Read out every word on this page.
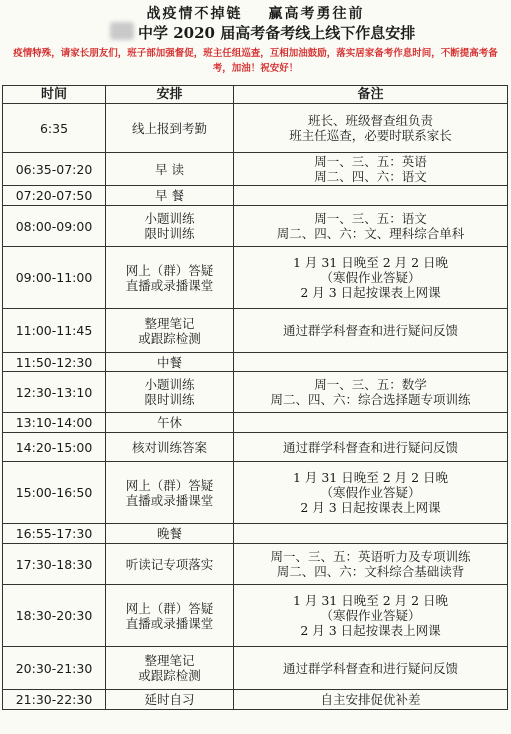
战疫情不掉链 赢高考勇往前
中学 2020 届高考备考线上线下作息安排
疫情特殊，请家长朋友们，班子部加强督促，班主任组巡查，互相加油鼓励，落实居家备考作息时间，不断提高考备考，加油！祝安好！
时间	安排	备注
6:35	线上报到考勤	班长、班级督查组负责
班主任巡查，必要时联系家长

06:35-07:20	早 读	周一、三、五：英语
周二、四、六：语文

07:20-07:50	早 餐	

08:00-09:00	小题训练
限时训练	周一、三、五：语文
周二、四、六：文、理科综合单科

09:00-11:00	网上（群）答疑
直播或录播课堂	1 月 31 日晚至 2 月 2 日晚
（寒假作业答疑）
2 月 3 日起按课表上网课

11:00-11:45	整理笔记
或跟踪检测	通过群学科督查和进行疑问反馈

11:50-12:30	中餐	

12:30-13:10	小题训练
限时训练	周一、三、五：数学
周二、四、六：综合选择题专项训练

13:10-14:00	午休	

14:20-15:00	核对训练答案	通过群学科督查和进行疑问反馈

15:00-16:50	网上（群）答疑
直播或录播课堂	1 月 31 日晚至 2 月 2 日晚
（寒假作业答疑）
2 月 3 日起按课表上网课

16:55-17:30	晚餐	

17:30-18:30	听读记专项落实	周一、三、五：英语听力及专项训练
周二、四、六：文科综合基础读背

18:30-20:30	网上（群）答疑
直播或录播课堂	1 月 31 日晚至 2 月 2 日晚
（寒假作业答疑）
2 月 3 日起按课表上网课

20:30-21:30	整理笔记
或跟踪检测	通过群学科督查和进行疑问反馈

21:30-22:30	延时自习	自主安排促优补差
